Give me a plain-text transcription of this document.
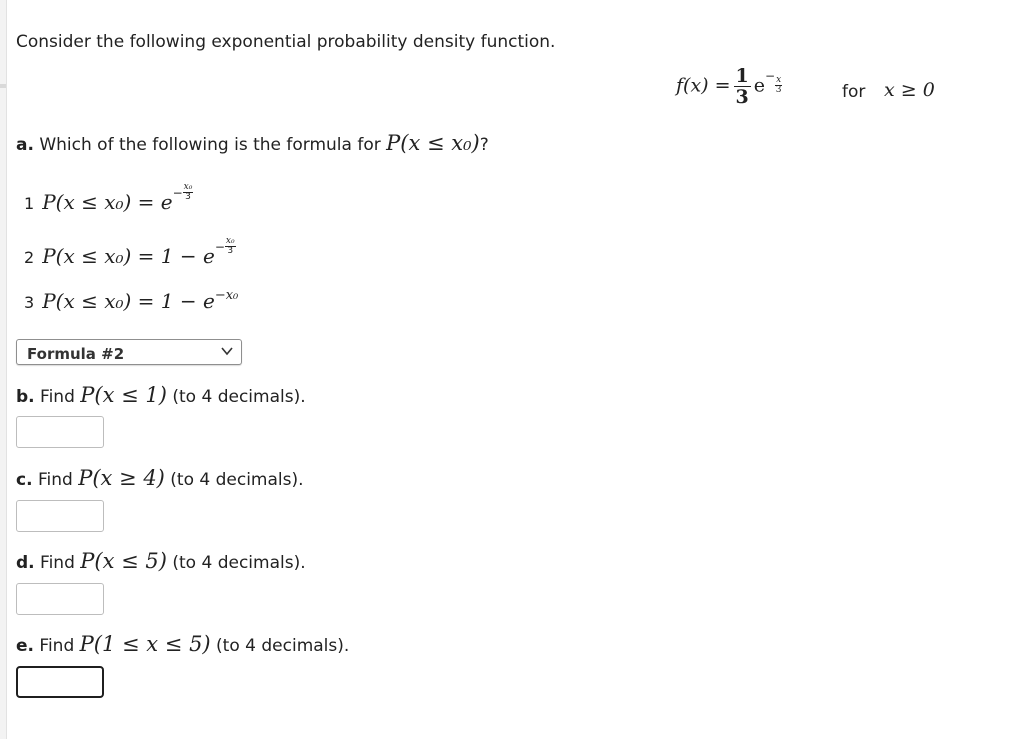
Consider the following exponential probability density function.
$f(x) = \frac{1}{3} e^{- \frac{x}{3}}$	for x ≥ 0
a. Which of the following is the formula for P(x ≤ x₀)?
1 $P(x \le x_0) = e^{- \frac{\text{x₀}}{3}}$
2 $P(x \le x_0) = 1 - e^{- \frac{\text{x₀}}{3}}$
3 $P(x \le x_0) = 1 - e^{-x_0}$
Formula #2
b. Find P(x ≤ 1) (to 4 decimals).
c. Find P(x ≥ 4) (to 4 decimals).
d. Find P(x ≤ 5) (to 4 decimals).
e. Find P(1 ≤ x ≤ 5) (to 4 decimals).
